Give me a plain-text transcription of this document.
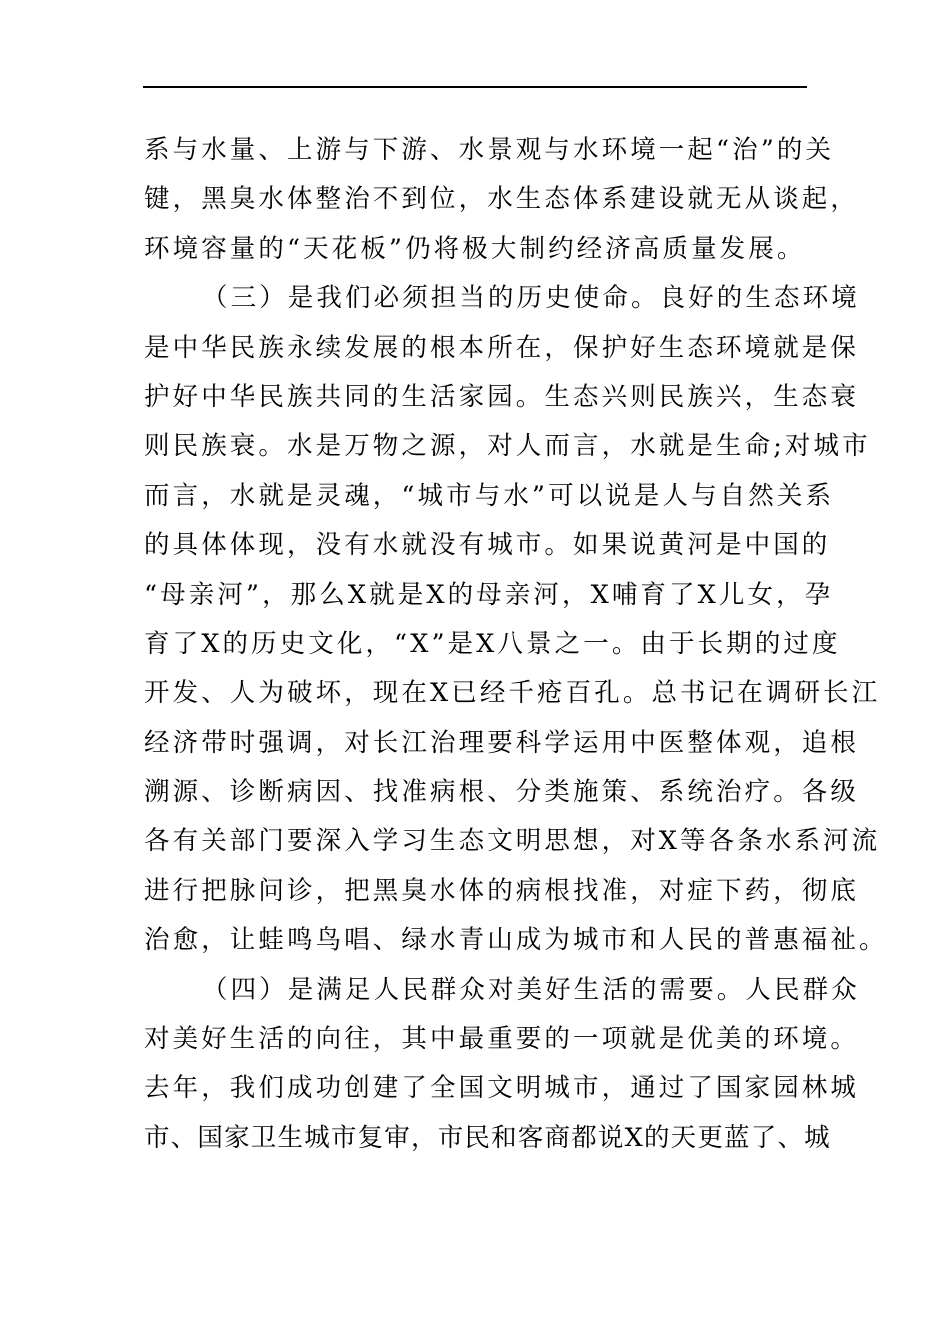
系与水量、上游与下游、水景观与水环境一起“治”的关
键，黑臭水体整治不到位，水生态体系建设就无从谈起，
环境容量的“天花板”仍将极大制约经济高质量发展。
（三）是我们必须担当的历史使命。良好的生态环境
是中华民族永续发展的根本所在，保护好生态环境就是保
护好中华民族共同的生活家园。生态兴则民族兴，生态衰
则民族衰。水是万物之源，对人而言，水就是生命;对城市
而言，水就是灵魂，“城市与水”可以说是人与自然关系
的具体体现，没有水就没有城市。如果说黄河是中国的
“母亲河”，那么X就是X的母亲河，X哺育了X儿女，孕
育了X的历史文化，“X”是X八景之一。由于长期的过度
开发、人为破坏，现在X已经千疮百孔。总书记在调研长江
经济带时强调，对长江治理要科学运用中医整体观，追根
溯源、诊断病因、找准病根、分类施策、系统治疗。各级
各有关部门要深入学习生态文明思想，对X等各条水系河流
进行把脉问诊，把黑臭水体的病根找准，对症下药，彻底
治愈，让蛙鸣鸟唱、绿水青山成为城市和人民的普惠福祉。
（四）是满足人民群众对美好生活的需要。人民群众
对美好生活的向往，其中最重要的一项就是优美的环境。
去年，我们成功创建了全国文明城市，通过了国家园林城
市、国家卫生城市复审，市民和客商都说X的天更蓝了、城
